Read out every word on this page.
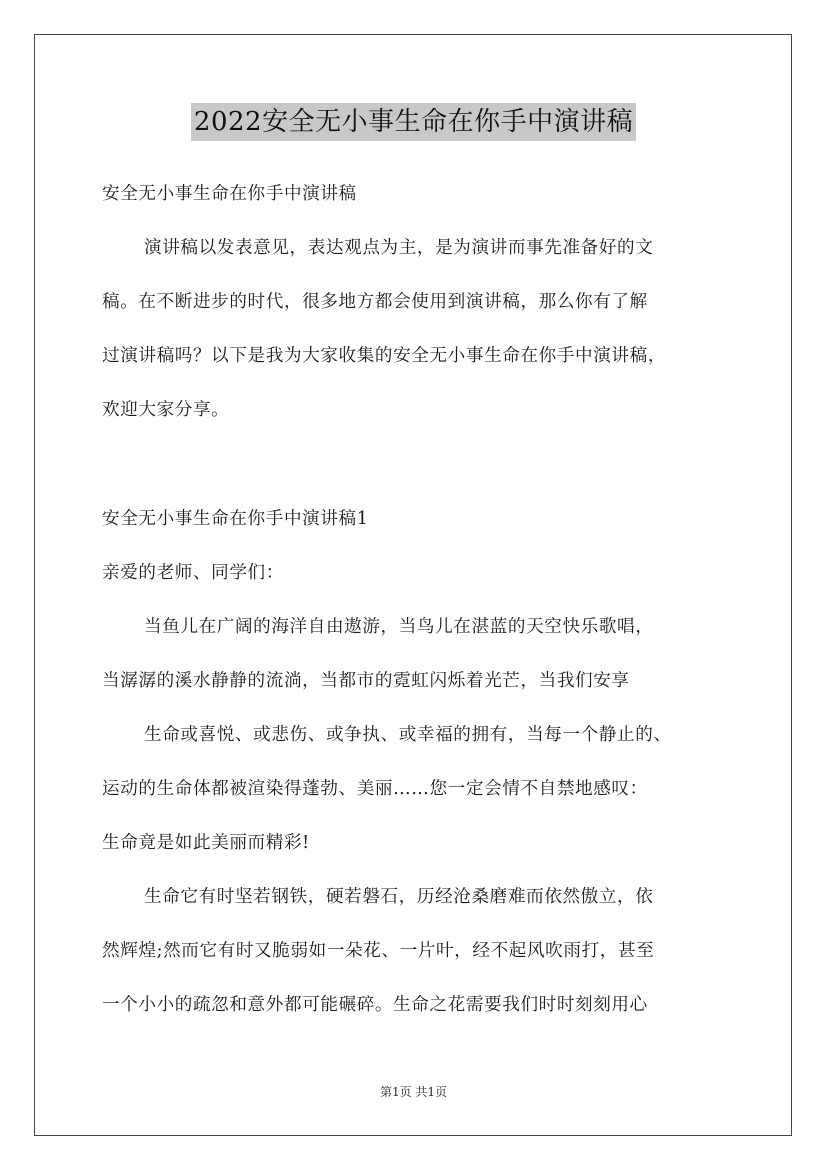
2022安全无小事生命在你手中演讲稿
安全无小事生命在你手中演讲稿
演讲稿以发表意见，表达观点为主，是为演讲而事先准备好的文
稿。在不断进步的时代，很多地方都会使用到演讲稿，那么你有了解
过演讲稿吗？以下是我为大家收集的安全无小事生命在你手中演讲稿，
欢迎大家分享。
安全无小事生命在你手中演讲稿1
亲爱的老师、同学们：
当鱼儿在广阔的海洋自由遨游，当鸟儿在湛蓝的天空快乐歌唱，
当潺潺的溪水静静的流淌，当都市的霓虹闪烁着光芒，当我们安享
生命或喜悦、或悲伤、或争执、或幸福的拥有，当每一个静止的、
运动的生命体都被渲染得蓬勃、美丽……您一定会情不自禁地感叹：
生命竟是如此美丽而精彩!
生命它有时坚若钢铁，硬若磐石，历经沧桑磨难而依然傲立，依
然辉煌;然而它有时又脆弱如一朵花、一片叶，经不起风吹雨打，甚至
一个小小的疏忽和意外都可能碾碎。生命之花需要我们时时刻刻用心
第1页 共1页
